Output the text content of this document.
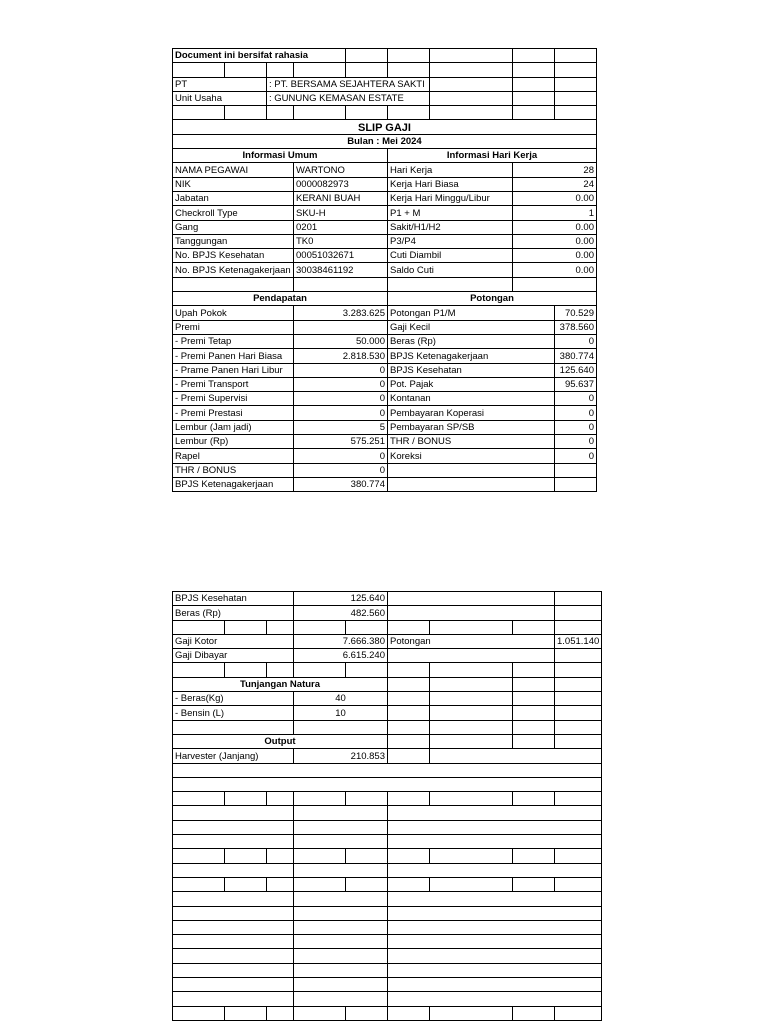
Document ini bersifat rahasia								

PT		: PT. BERSAMA SEJAHTERA SAKTI						
Unit Usaha		: GUNUNG KEMASAN ESTATE						

SLIP GAJI								
Bulan : Mei 2024								
Informasi Umum					Informasi Hari Kerja			
NAMA PEGAWAI			WARTONO		Hari Kerja		28	
NIK			0000082973		Kerja Hari Biasa		24	
Jabatan			KERANI BUAH		Kerja Hari Minggu/Libur		0.00	
Checkroll Type			SKU-H		P1 + M		1	
Gang			0201		Sakit/H1/H2		0.00	
Tanggungan			TK0		P3/P4		0.00	
No. BPJS Kesehatan			00051032671		Cuti Diambil		0.00	
No. BPJS Ketenagakerjaan			30038461192		Saldo Cuti		0.00	

Pendapatan					Potongan			
Upah Pokok			3.283.625		Potongan P1/M			70.529
Premi					Gaji Kecil			378.560
- Premi Tetap			50.000		Beras (Rp)			0
- Premi Panen Hari Biasa			2.818.530		BPJS Ketenagakerjaan			380.774
- Prame Panen Hari Libur			0		BPJS Kesehatan			125.640
- Premi Transport			0		Pot. Pajak			95.637
- Premi Supervisi			0		Kontanan			0
- Premi Prestasi			0		Pembayaran Koperasi			0
Lembur (Jam jadi)			5		Pembayaran SP/SB			0
Lembur (Rp)			575.251		THR / BONUS			0
Rapel			0		Koreksi			0
THR / BONUS			0					
BPJS Ketenagakerjaan			380.774					
BPJS Kesehatan			125.640					
Beras (Rp)			482.560					

Gaji Kotor			7.666.380		Potongan			1.051.140
Gaji Dibayar			6.615.240					

Tunjangan Natura								
- Beras(Kg)			40					
- Bensin (L)			10					

Output								
Harvester (Janjang)			210.853					
